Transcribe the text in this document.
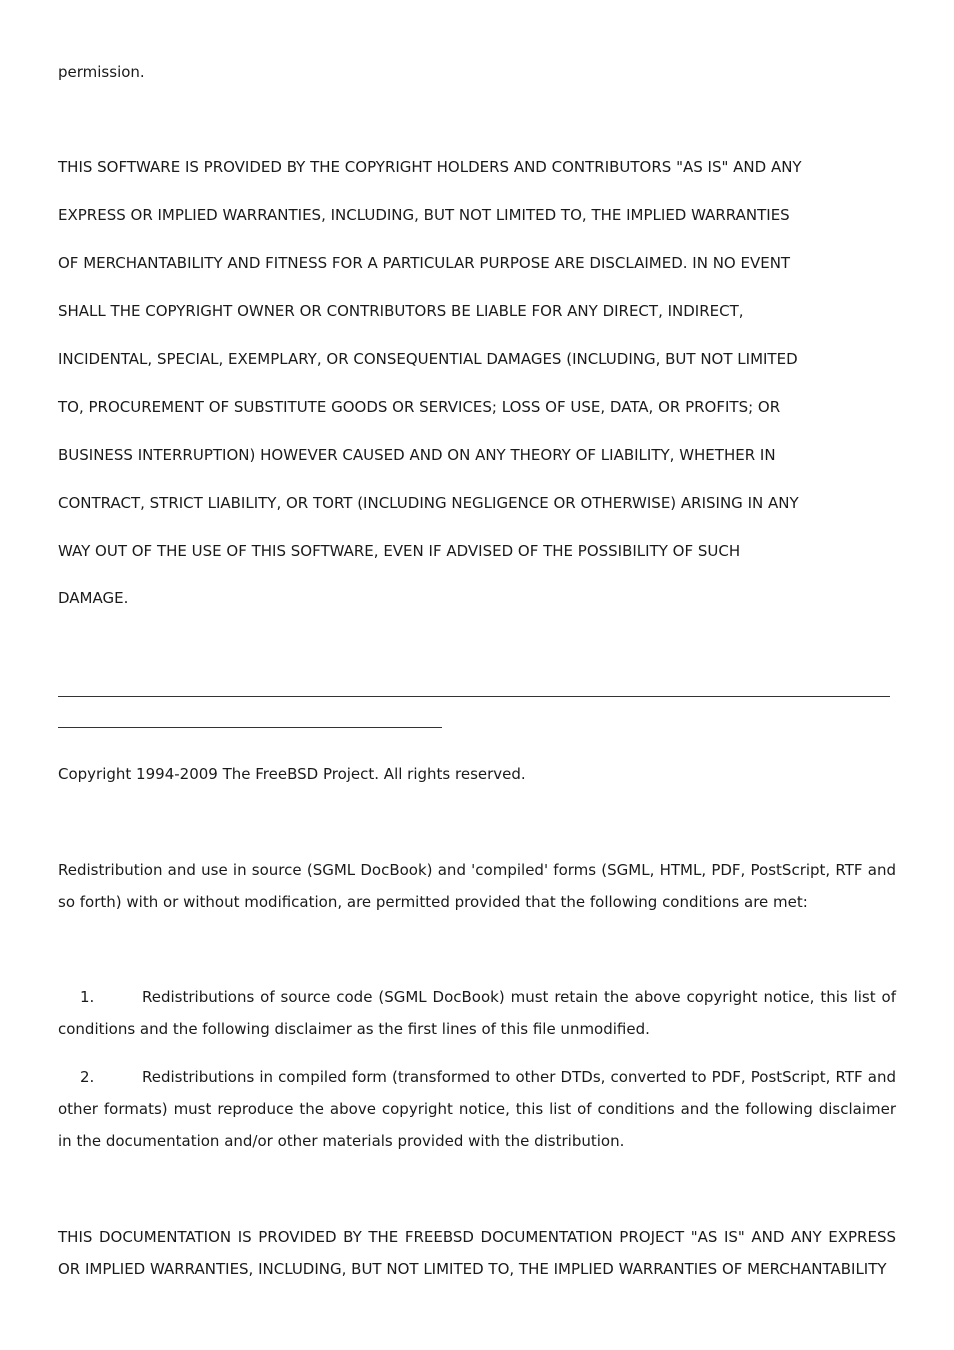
permission.
THIS SOFTWARE IS PROVIDED BY THE COPYRIGHT HOLDERS AND CONTRIBUTORS "AS IS" AND ANY
EXPRESS OR IMPLIED WARRANTIES, INCLUDING, BUT NOT LIMITED TO, THE IMPLIED WARRANTIES
OF MERCHANTABILITY AND FITNESS FOR A PARTICULAR PURPOSE ARE DISCLAIMED. IN NO EVENT
SHALL THE COPYRIGHT OWNER OR CONTRIBUTORS BE LIABLE FOR ANY DIRECT, INDIRECT,
INCIDENTAL, SPECIAL, EXEMPLARY, OR CONSEQUENTIAL DAMAGES (INCLUDING, BUT NOT LIMITED
TO, PROCUREMENT OF SUBSTITUTE GOODS OR SERVICES; LOSS OF USE, DATA, OR PROFITS; OR
BUSINESS INTERRUPTION) HOWEVER CAUSED AND ON ANY THEORY OF LIABILITY, WHETHER IN
CONTRACT, STRICT LIABILITY, OR TORT (INCLUDING NEGLIGENCE OR OTHERWISE) ARISING IN ANY
WAY OUT OF THE USE OF THIS SOFTWARE, EVEN IF ADVISED OF THE POSSIBILITY OF SUCH
DAMAGE.
Copyright 1994-2009 The FreeBSD Project. All rights reserved.
Redistribution and use in source (SGML DocBook) and 'compiled' forms (SGML, HTML, PDF, PostScript, RTF and so forth) with or without modification, are permitted provided that the following conditions are met:
1.	Redistributions of source code (SGML DocBook) must retain the above copyright notice, this list of conditions and the following disclaimer as the first lines of this file unmodified.
2.	Redistributions in compiled form (transformed to other DTDs, converted to PDF, PostScript, RTF and other formats) must reproduce the above copyright notice, this list of conditions and the following disclaimer in the documentation and/or other materials provided with the distribution.
THIS DOCUMENTATION IS PROVIDED BY THE FREEBSD DOCUMENTATION PROJECT "AS IS" AND ANY EXPRESS OR IMPLIED WARRANTIES, INCLUDING, BUT NOT LIMITED TO, THE IMPLIED WARRANTIES OF MERCHANTABILITY
